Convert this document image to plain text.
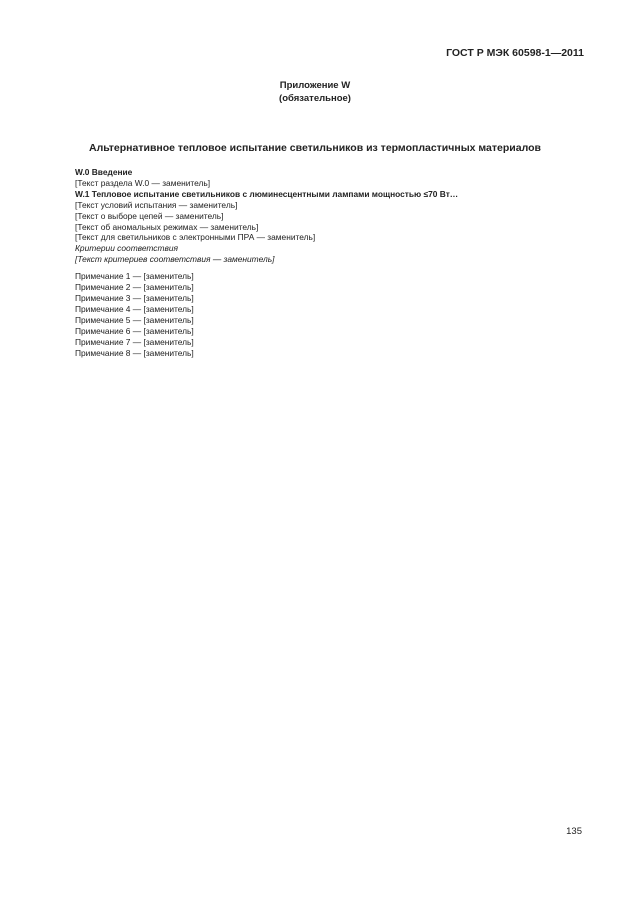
ГОСТ Р МЭК 60598-1—2011
Приложение W
(обязательное)
Альтернативное тепловое испытание светильников из термопластичных материалов

W.0 Введение

[Текст раздела W.0 — заменитель]

W.1 Тепловое испытание светильников с люминесцентными лампами мощностью ≤70 Вт…

[Текст условий испытания — заменитель]

[Текст о выборе цепей — заменитель]

[Текст об аномальных режимах — заменитель]

[Текст для светильников с электронными ПРА — заменитель]

Критерии соответствия

[Текст критериев соответствия — заменитель]

Примечание 1 — [заменитель]

Примечание 2 — [заменитель]

Примечание 3 — [заменитель]

Примечание 4 — [заменитель]

Примечание 5 — [заменитель]

Примечание 6 — [заменитель]

Примечание 7 — [заменитель]

Примечание 8 — [заменитель]

135
